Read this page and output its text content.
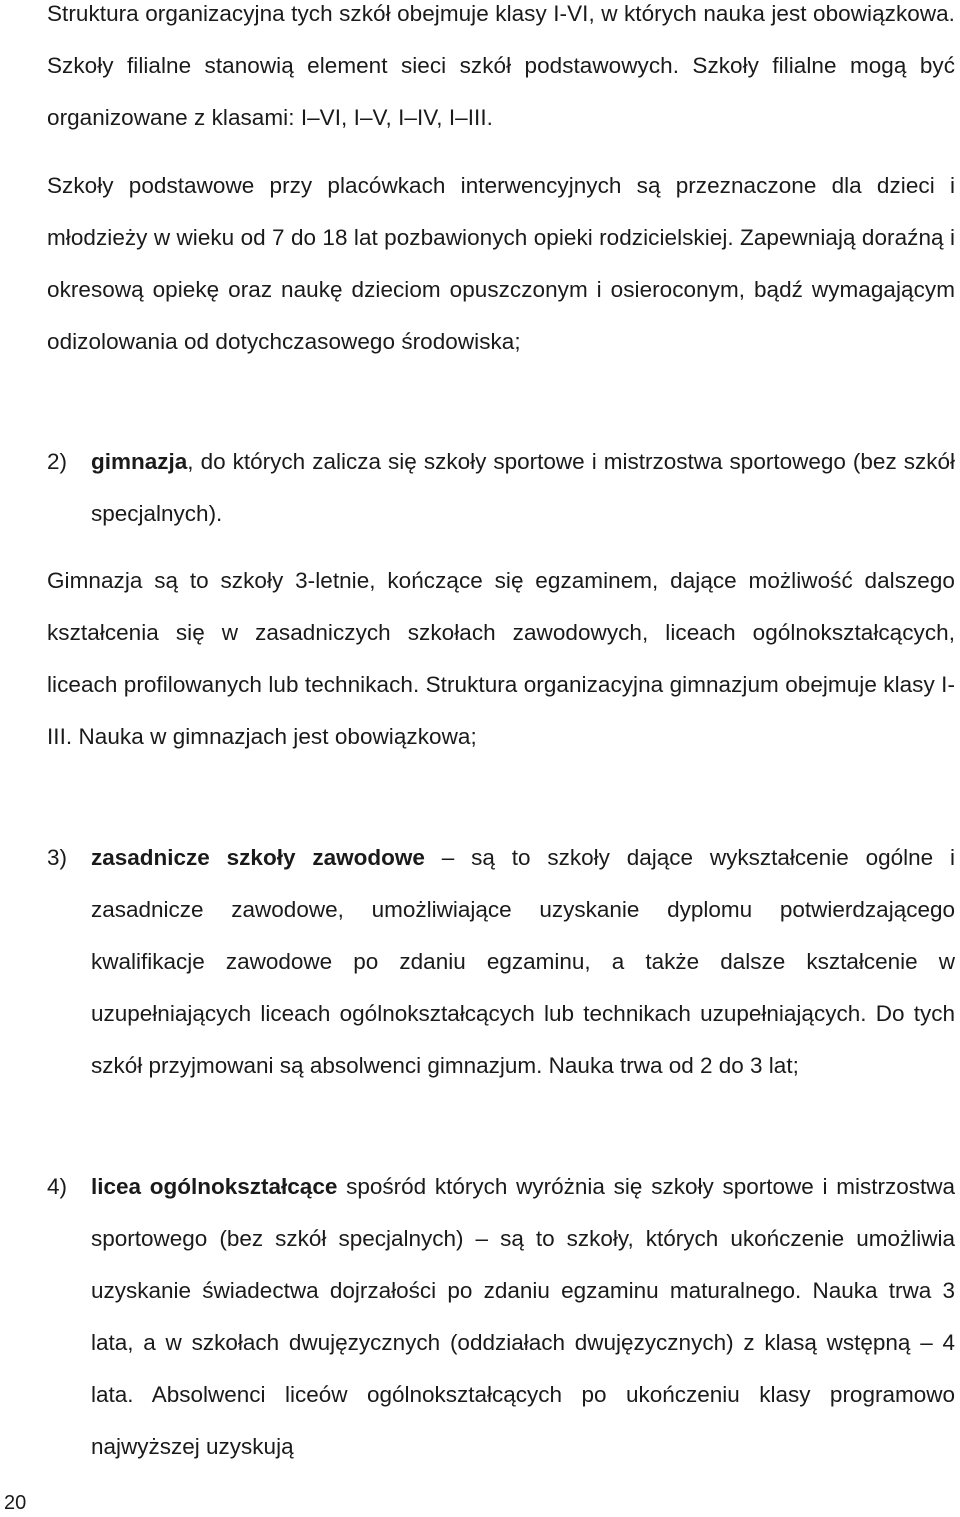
Struktura organizacyjna tych szkół obejmuje klasy I-VI, w których nauka jest obowiązkowa. Szkoły filialne stanowią element sieci szkół podstawowych. Szkoły filialne mogą być organizowane z klasami: I–VI, I–V, I–IV, I–III.

Szkoły podstawowe przy placówkach interwencyjnych są przeznaczone dla dzieci i młodzieży w wieku od 7 do 18 lat pozbawionych opieki rodzicielskiej. Zapewniają doraźną i okresową opiekę oraz naukę dzieciom opuszczonym i osieroconym, bądź wymagającym odizolowania od dotychczasowego środowiska;

2)	gimnazja, do których zalicza się szkoły sportowe i mistrzostwa sportowego (bez szkół specjalnych).

Gimnazja są to szkoły 3-letnie, kończące się egzaminem, dające możliwość dalszego kształcenia się w zasadniczych szkołach zawodowych, liceach ogólnokształcących, liceach profilowanych lub technikach. Struktura organizacyjna gimnazjum obejmuje klasy I-III. Nauka w gimnazjach jest obowiązkowa;

3)	zasadnicze szkoły zawodowe – są to szkoły dające wykształcenie ogólne i zasadnicze zawodowe, umożliwiające uzyskanie dyplomu potwierdzającego kwalifikacje zawodowe po zdaniu egzaminu, a także dalsze kształcenie w uzupełniających liceach ogólnokształcących lub technikach uzupełniających. Do tych szkół przyjmowani są absolwenci gimnazjum. Nauka trwa od 2 do 3 lat;
4)	licea ogólnokształcące spośród których wyróżnia się szkoły sportowe i mistrzostwa sportowego (bez szkół specjalnych) – są to szkoły, których ukończenie umożliwia uzyskanie świadectwa dojrzałości po zdaniu egzaminu maturalnego. Nauka trwa 3 lata, a w szkołach dwujęzycznych (oddziałach dwujęzycznych) z klasą wstępną – 4 lata. Absolwenci liceów ogólnokształcących po ukończeniu klasy programowo najwyższej uzyskują
20
